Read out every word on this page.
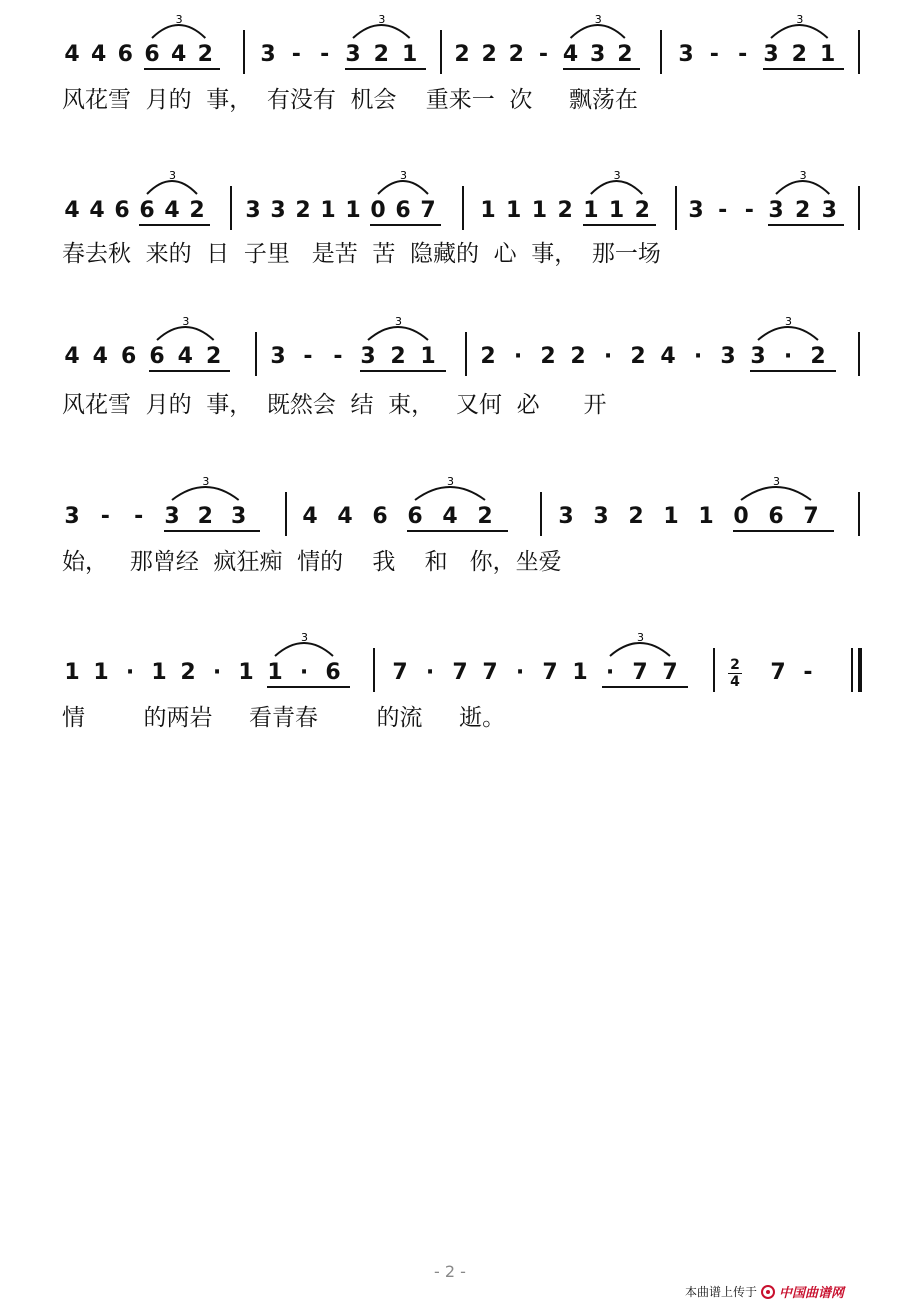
3	3	3	3
4 4 6 6 4 2 3 - - 3 2 1 2 2 2 - 4 3 2 3 - - 3 2 1
风花雪  月的  事，  有没有  机会    重来一  次     飘荡在
3	3	3	3
4 4 6 6 4 2 3 3 2 1 1 0 6 7 1 1 1 2 1 1 2 3 - - 3 2 3
春去秋  来的  日  子里   是苦  苦  隐藏的  心  事，  那一场
3	3	3
4 4 6 6 4 2 3 - - 3 2 1 2 · 2 2 · 2 4 · 3 3 · 2
风花雪  月的  事，  既然会  结  束，   又何  必      开
3	3	3
3 - - 3 2 3	4 4 6 6 4 2	3 3 2 1 1 0 6 7
始，   那曾经  疯狂痴  情的    我    和   你，坐爱
3	3
1 1 · 1 2 · 1 1 · 6 7 · 7 7 · 7 1 · 7 7	2
4 7 -
情        的两岩     看青春        的流     逝。
- 2 -
本曲谱上传于 中国曲谱网
